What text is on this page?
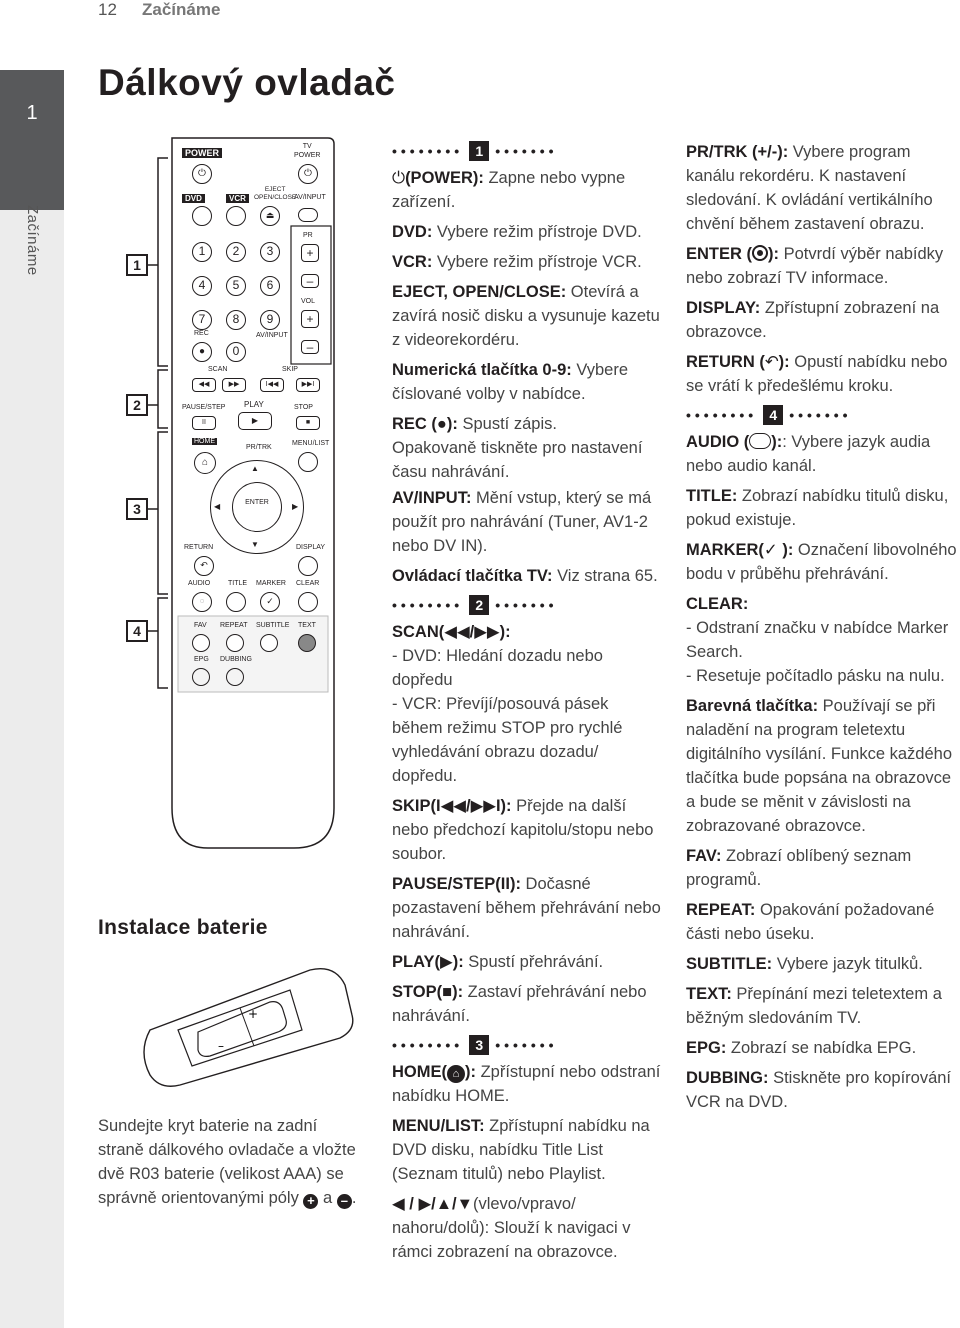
12 Začínáme
1
Začínáme
Dálkový ovladač
1
2
3
4
POWER
TV
POWER
⏻	⏻
DVD	VCR
EJECT
OPEN/CLOSE
AV/INPUT
⏏
PR
VOL
+
–
+
–
1	2	3
4	5	6
7	8	9
REC	AV/INPUT
●	0
SCAN	SKIP
◀◀	▶▶	I◀◀	▶▶I
PAUSE/STEP PLAY	STOP
II	▶	■
HOME
PR/TRK
MENU/LIST
⌂
ENTER
▲
▼
◀	▶
RETURN	DISPLAY
↶
AUDIO	TITLE MARKER CLEAR
◌	✓
FAV REPEAT SUBTITLE TEXT
EPG DUBBING
Instalace baterie
+
–
Sundejte kryt baterie na zadní straně dálkového ovladače a vložte dvě R03 baterie (velikost AAA) se správně orientovanými póly + a – .
•••••••• 1 •••••••

⏻(POWER): Zapne nebo vypne zařízení.

DVD: Vybere režim přístroje DVD.

VCR: Vybere režim přístroje VCR.

EJECT, OPEN/CLOSE: Otevírá a zavírá nosič disku a vysunuje kazetu z videorekordéru.

Numerická tlačítka 0-9: Vybere číslované volby v nabídce.

REC (●): Spustí zápis.
Opakovaně tiskněte pro nastavení času nahrávání.

AV/INPUT: Mění vstup, který se má použít pro nahrávání (Tuner, AV1-2 nebo DV IN).

Ovládací tlačítka TV: Viz strana 65.

•••••••• 2 •••••••

SCAN(◀◀/▶▶):
- DVD: Hledání dozadu nebo dopředu
- VCR: Převíjí/posouvá pásek během režimu STOP pro rychlé vyhledávání obrazu dozadu/ dopředu.

SKIP(I◀◀/▶▶I): Přejde na další nebo předchozí kapitolu/stopu nebo soubor.

PAUSE/STEP(II): Dočasné pozastavení během přehrávání nebo nahrávání.

PLAY(▶): Spustí přehrávání.

STOP(■): Zastaví přehrávání nebo nahrávání.

•••••••• 3 •••••••

HOME( ⌂ ): Zpřístupní nebo odstraní nabídku HOME.

MENU/LIST: Zpřístupní nabídku na DVD disku, nabídku Title List (Seznam titulů) nebo Playlist.

◀ / ▶/▲/▼(vlevo/vpravo/ nahoru/dolů): Slouží k navigaci v rámci zobrazení na obrazovce.

PR/TRK (+/-): Vybere program kanálu rekordéru. K nastavení sledování. K ovládání vertikálního chvění během zastavení obrazu.

ENTER ( ): Potvrdí výběr nabídky nebo zobrazí TV informace.

DISPLAY: Zpřístupní zobrazení na obrazovce.

RETURN (↶): Opustí nabídku nebo se vrátí k předešlému kroku.

•••••••• 4 •••••••

AUDIO ( ):: Vybere jazyk audia nebo audio kanál.

TITLE: Zobrazí nabídku titulů disku, pokud existuje.

MARKER(✓ ): Označení libovolného bodu v průběhu přehrávání.

CLEAR:
- Odstraní značku v nabídce Marker Search.
- Resetuje počítadlo pásku na nulu.

Barevná tlačítka: Používají se při naladění na program teletextu digitálního vysílání. Funkce každého tlačítka bude popsána na obrazovce a bude se měnit v závislosti na zobrazované obrazovce.

FAV: Zobrazí oblíbený seznam programů.

REPEAT: Opakování požadované části nebo úseku.

SUBTITLE: Vybere jazyk titulků.

TEXT: Přepínání mezi teletextem a běžným sledováním TV.

EPG: Zobrazí se nabídka EPG.

DUBBING: Stiskněte pro kopírování VCR na DVD.
